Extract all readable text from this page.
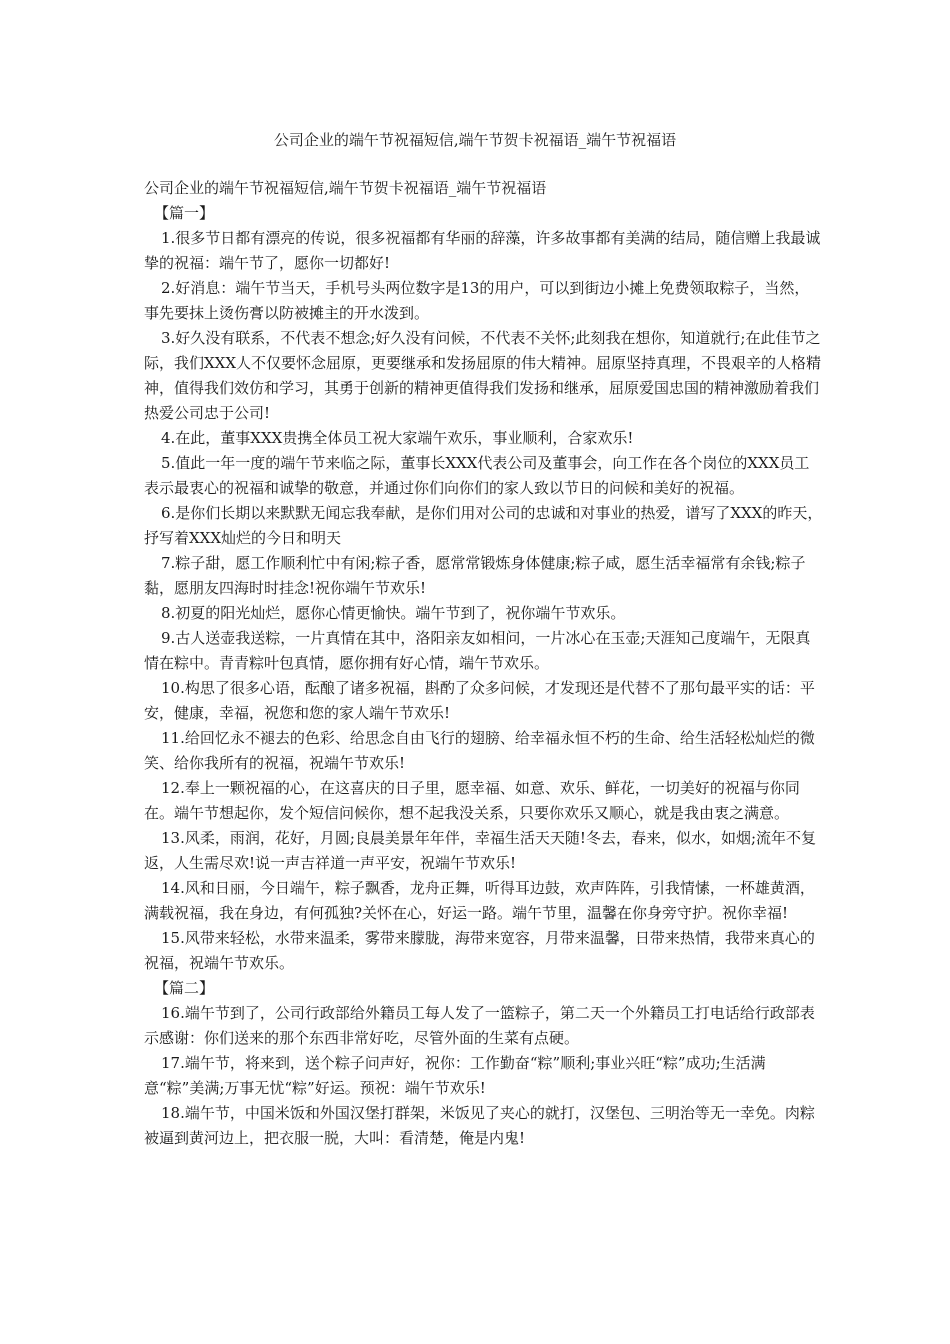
公司企业的端午节祝福短信,端午节贺卡祝福语_端午节祝福语

公司企业的端午节祝福短信,端午节贺卡祝福语_端午节祝福语

【篇一】

1.很多节日都有漂亮的传说，很多祝福都有华丽的辞藻，许多故事都有美满的结局，随信赠上我最诚挚的祝福：端午节了，愿你一切都好!

2.好消息：端午节当天，手机号头两位数字是13的用户，可以到街边小摊上免费领取粽子，当然，事先要抹上烫伤膏以防被摊主的开水泼到。

3.好久没有联系，不代表不想念;好久没有问候，不代表不关怀;此刻我在想你，知道就行;在此佳节之际，我们XXX人不仅要怀念屈原，更要继承和发扬屈原的伟大精神。屈原坚持真理，不畏艰辛的人格精神，值得我们效仿和学习，其勇于创新的精神更值得我们发扬和继承，屈原爱国忠国的精神激励着我们热爱公司忠于公司!

4.在此，董事XXX贵携全体员工祝大家端午欢乐，事业顺利，合家欢乐!

5.值此一年一度的端午节来临之际，董事长XXX代表公司及董事会，向工作在各个岗位的XXX员工表示最衷心的祝福和诚挚的敬意，并通过你们向你们的家人致以节日的问候和美好的祝福。

6.是你们长期以来默默无闻忘我奉献，是你们用对公司的忠诚和对事业的热爱，谱写了XXX的昨天，抒写着XXX灿烂的今日和明天

7.粽子甜，愿工作顺利忙中有闲;粽子香，愿常常锻炼身体健康;粽子咸，愿生活幸福常有余钱;粽子黏，愿朋友四海时时挂念!祝你端午节欢乐!

8.初夏的阳光灿烂，愿你心情更愉快。端午节到了，祝你端午节欢乐。

9.古人送壶我送粽，一片真情在其中，洛阳亲友如相问，一片冰心在玉壶;天涯知己度端午，无限真情在粽中。青青粽叶包真情，愿你拥有好心情，端午节欢乐。

10.构思了很多心语，酝酿了诸多祝福，斟酌了众多问候，才发现还是代替不了那句最平实的话：平安，健康，幸福，祝您和您的家人端午节欢乐!

11.给回忆永不褪去的色彩、给思念自由飞行的翅膀、给幸福永恒不朽的生命、给生活轻松灿烂的微笑、给你我所有的祝福，祝端午节欢乐!

12.奉上一颗祝福的心，在这喜庆的日子里，愿幸福、如意、欢乐、鲜花，一切美好的祝福与你同在。端午节想起你，发个短信问候你，想不起我没关系，只要你欢乐又顺心，就是我由衷之满意。

13.风柔，雨润，花好，月圆;良晨美景年年伴，幸福生活天天随!冬去，春来，似水，如烟;流年不复返，人生需尽欢!说一声吉祥道一声平安，祝端午节欢乐!

14.风和日丽，今日端午，粽子飘香，龙舟正舞，听得耳边鼓，欢声阵阵，引我情愫，一杯雄黄酒，满载祝福，我在身边，有何孤独?关怀在心，好运一路。端午节里，温馨在你身旁守护。祝你幸福!

15.风带来轻松，水带来温柔，雾带来朦胧，海带来宽容，月带来温馨，日带来热情，我带来真心的祝福，祝端午节欢乐。

【篇二】

16.端午节到了，公司行政部给外籍员工每人发了一篮粽子，第二天一个外籍员工打电话给行政部表示感谢：你们送来的那个东西非常好吃，尽管外面的生菜有点硬。

17.端午节，将来到，送个粽子问声好，祝你：工作勤奋“粽”顺利;事业兴旺“粽”成功;生活满意“粽”美满;万事无忧“粽”好运。预祝：端午节欢乐!

18.端午节，中国米饭和外国汉堡打群架，米饭见了夹心的就打，汉堡包、三明治等无一幸免。肉粽被逼到黄河边上，把衣服一脱，大叫：看清楚，俺是内鬼!
